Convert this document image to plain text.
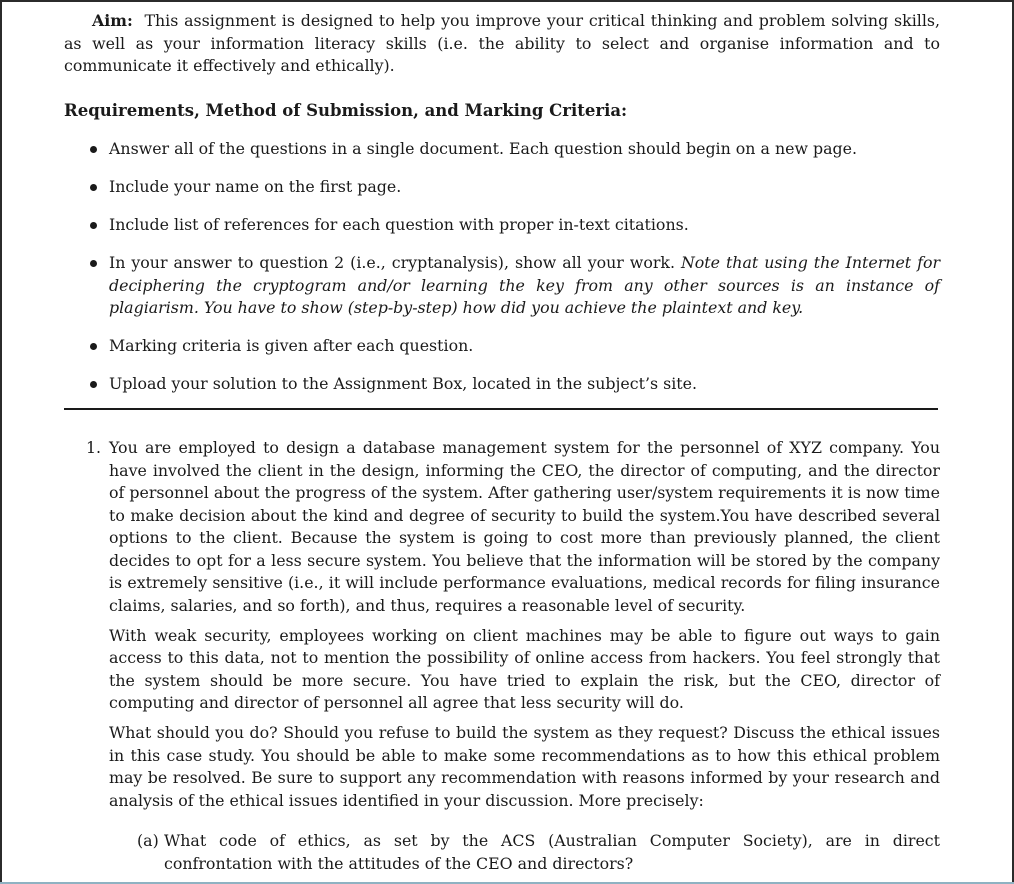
Aim: This assignment is designed to help you improve your critical thinking and problem solving skills, as well as your information literacy skills (i.e. the ability to select and organise information and to communicate it effectively and ethically).

Requirements, Method of Submission, and Marking Criteria:
Answer all of the questions in a single document. Each question should begin on a new page.
Include your name on the first page.
Include list of references for each question with proper in-text citations.
In your answer to question 2 (i.e., cryptanalysis), show all your work. Note that using the Internet for deciphering the cryptogram and/or learning the key from any other sources is an instance of plagiarism. You have to show (step-by-step) how did you achieve the plaintext and key.
Marking criteria is given after each question.
Upload your solution to the Assignment Box, located in the subject’s site.
1. You are employed to design a database management system for the personnel of XYZ company. You have involved the client in the design, informing the CEO, the director of computing, and the director of personnel about the progress of the system. After gathering user/system requirements it is now time to make decision about the kind and degree of security to build the system.You have described several options to the client. Because the system is going to cost more than previously planned, the client decides to opt for a less secure system. You believe that the information will be stored by the company is extremely sensitive (i.e., it will include performance evaluations, medical records for filing insurance claims, salaries, and so forth), and thus, requires a reasonable level of security.

With weak security, employees working on client machines may be able to figure out ways to gain access to this data, not to mention the possibility of online access from hackers. You feel strongly that the system should be more secure. You have tried to explain the risk, but the CEO, director of computing and director of personnel all agree that less security will do.

What should you do? Should you refuse to build the system as they request? Discuss the ethical issues in this case study. You should be able to make some recommendations as to how this ethical problem may be resolved. Be sure to support any recommendation with reasons informed by your research and analysis of the ethical issues identified in your discussion. More precisely:

(a) What code of ethics, as set by the ACS (Australian Computer Society), are in direct confrontation with the attitudes of the CEO and directors?
